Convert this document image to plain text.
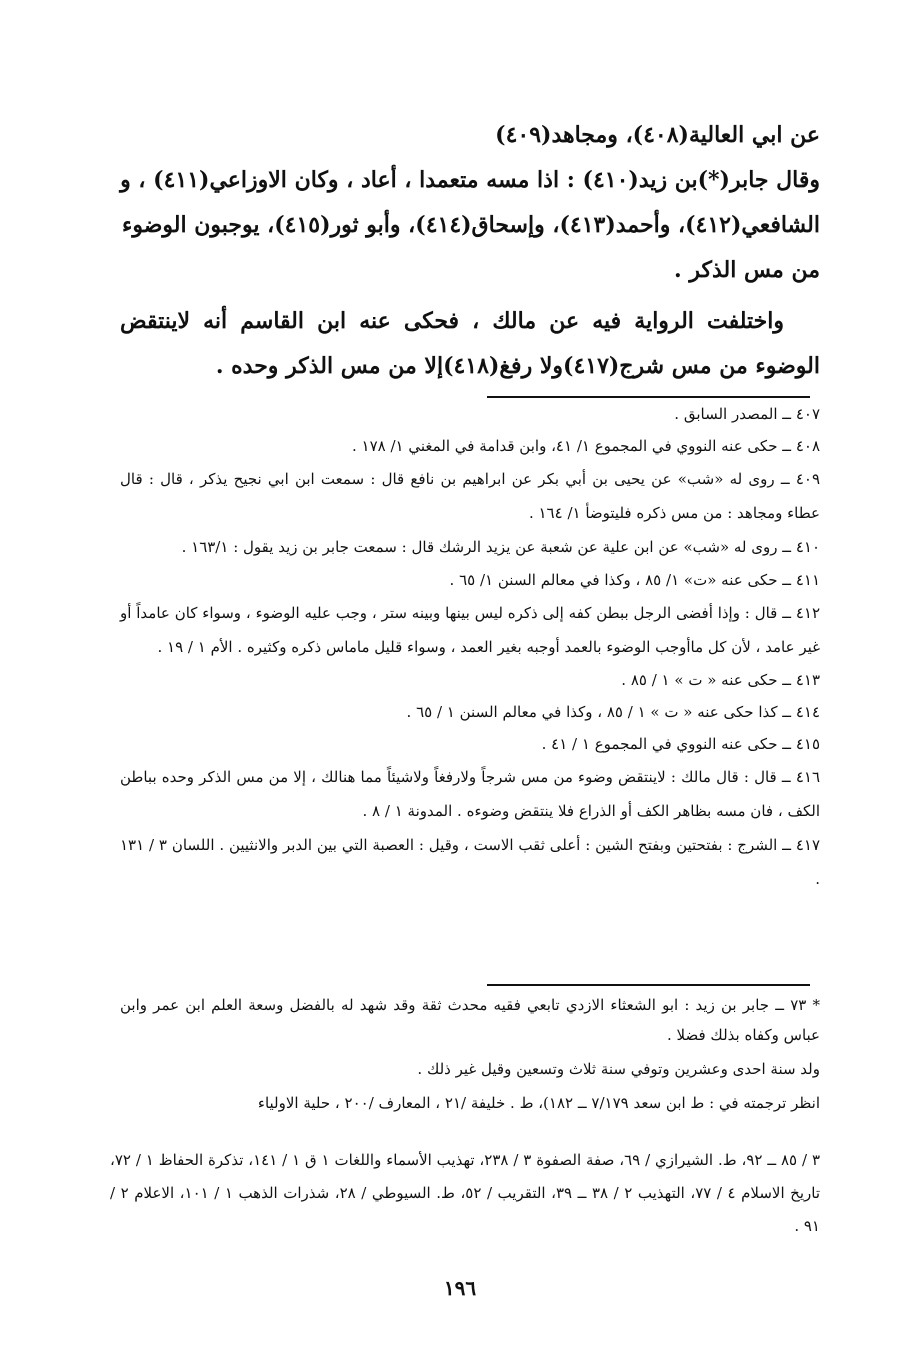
عن ابي العالية(٤٠٨)، ومجاهد(٤٠٩)

وقال جابر(*)بن زيد(٤١٠) : اذا مسه متعمدا ، أعاد ، وكان الاوزاعي(٤١١) ، و

الشافعي(٤١٢)، وأحمد(٤١٣)، وإسحاق(٤١٤)، وأبو ثور(٤١٥)، يوجبون الوضوء

من مس الذكر .

واختلفت الرواية فيه عن مالك ، فحكى عنه ابن القاسم أنه لاينتقض الوضوء من مس شرج(٤١٧)ولا رفغ(٤١٨)إلا من مس الذكر وحده .

٤٠٧ ــ المصدر السابق .

٤٠٨ ــ حكى عنه النووي في المجموع ١/ ٤١، وابن قدامة في المغني ١/ ١٧٨ .

٤٠٩ ــ روى له «شب» عن يحيى بن أبي بكر عن ابراهيم بن نافع قال : سمعت ابن ابي نجيح يذكر ، قال : قال عطاء ومجاهد : من مس ذكره فليتوضأ ١/ ١٦٤ .

٤١٠ ــ روى له «شب» عن ابن علية عن شعبة عن يزيد الرشك قال : سمعت جابر بن زيد يقول : ١٦٣/١ .

٤١١ ــ حكى عنه «ت» ١/ ٨٥ ، وكذا في معالم السنن ١/ ٦٥ .

٤١٢ ــ قال : وإذا أفضى الرجل ببطن كفه إلى ذكره ليس بينها وبينه ستر ، وجب عليه الوضوء ، وسواء كان عامداً أو غير عامد ، لأن كل ماأوجب الوضوء بالعمد أوجبه بغير العمد ، وسواء قليل ماماس ذكره وكثيره . الأم ١ / ١٩ .

٤١٣ ــ حكى عنه « ت » ١ / ٨٥ .

٤١٤ ــ كذا حكى عنه « ت » ١ / ٨٥ ، وكذا في معالم السنن ١ / ٦٥ .

٤١٥ ــ حكى عنه النووي في المجموع ١ / ٤١ .

٤١٦ ــ قال : قال مالك : لاينتقض وضوء من مس شرجاً ولارفغاً ولاشيئاً مما هنالك ، إلا من مس الذكر وحده بباطن الكف ، فان مسه بظاهر الكف أو الذراع فلا ينتقض وضوءه . المدونة ١ / ٨ .

٤١٧ ــ الشرج : بفتحتين وبفتح الشين : أعلى ثقب الاست ، وقيل : العصبة التي بين الدبر والانثيين . اللسان ٣ / ١٣١ .

* ٧٣ ــ جابر بن زيد : ابو الشعثاء الازدي تابعي فقيه محدث ثقة وقد شهد له بالفضل وسعة العلم ابن عمر وابن عباس وكفاه بذلك فضلا .

ولد سنة احدى وعشرين وتوفي سنة ثلاث وتسعين وقيل غير ذلك .

انظر ترجمته في : ط ابن سعد ٧/١٧٩ ــ ١٨٢)، ط . خليفة /٢١ ، المعارف /٢٠٠ ، حلية الاولياء

٣ / ٨٥ ــ ٩٢، ط. الشيرازي / ٦٩، صفة الصفوة ٣ / ٢٣٨، تهذيب الأسماء واللغات ١ ق ١ / ١٤١، تذكرة الحفاظ ١ / ٧٢، تاريخ الاسلام ٤ / ٧٧، التهذيب ٢ / ٣٨ ــ ٣٩، التقريب / ٥٢، ط. السيوطي / ٢٨، شذرات الذهب ١ / ١٠١، الاعلام ٢ / ٩١ .
١٩٦
